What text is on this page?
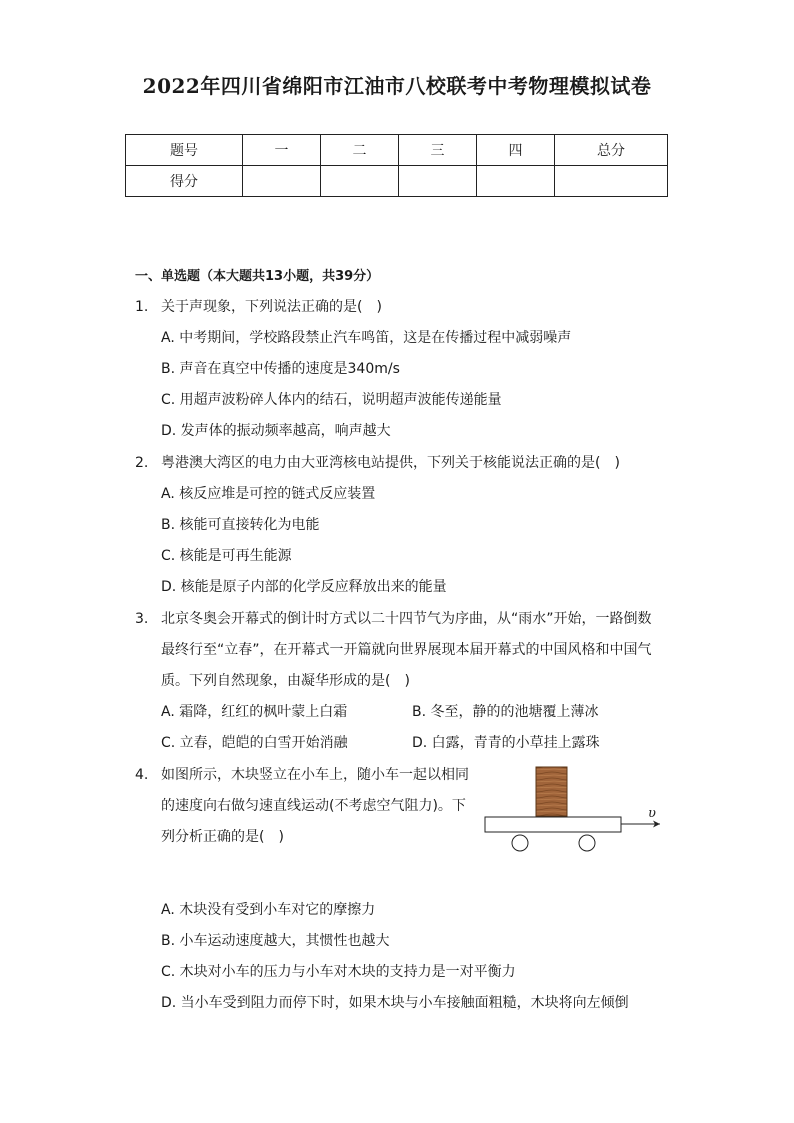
2022年四川省绵阳市江油市八校联考中考物理模拟试卷
题号	一	二	三	四	总分
得分					
一、单选题（本大题共13小题，共39分）
1. 关于声现象，下列说法正确的是(　)
A. 中考期间，学校路段禁止汽车鸣笛，这是在传播过程中减弱噪声
B. 声音在真空中传播的速度是340m/s
C. 用超声波粉碎人体内的结石，说明超声波能传递能量
D. 发声体的振动频率越高，响声越大
2. 粤港澳大湾区的电力由大亚湾核电站提供，下列关于核能说法正确的是(　)
A. 核反应堆是可控的链式反应装置
B. 核能可直接转化为电能
C. 核能是可再生能源
D. 核能是原子内部的化学反应释放出来的能量
3. 北京冬奥会开幕式的倒计时方式以二十四节气为序曲，从“雨水”开始，一路倒数
最终行至“立春”，在开幕式一开篇就向世界展现本届开幕式的中国风格和中国气
质。下列自然现象，由凝华形成的是(　)
A. 霜降，红红的枫叶蒙上白霜	B. 冬至，静的的池塘覆上薄冰
C. 立春，皑皑的白雪开始消融	D. 白露，青青的小草挂上露珠
4. 如图所示，木块竖立在小车上，随小车一起以相同
的速度向右做匀速直线运动(不考虑空气阻力)。下
列分析正确的是(　)
υ
A. 木块没有受到小车对它的摩擦力
B. 小车运动速度越大，其惯性也越大
C. 木块对小车的压力与小车对木块的支持力是一对平衡力
D. 当小车受到阻力而停下时，如果木块与小车接触面粗糙，木块将向左倾倒
